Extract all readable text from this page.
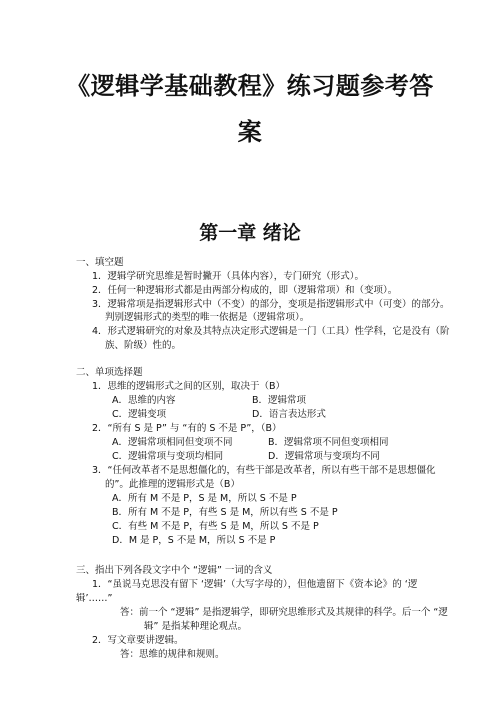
《逻辑学基础教程》练习题参考答
案
第一章 绪论
一、填空题
1．逻辑学研究思维是暂时撇开（具体内容），专门研究（形式）。
2．任何一种逻辑形式都是由两部分构成的，即（逻辑常项）和（变项）。
3．逻辑常项是指逻辑形式中（不变）的部分，变项是指逻辑形式中（可变）的部分。
判别逻辑形式的类型的唯一依据是（逻辑常项）。
4．形式逻辑研究的对象及其特点决定形式逻辑是一门（工具）性学科，它是没有（阶
族、阶级）性的。
二、单项选择题
1．思维的逻辑形式之间的区别，取决于（B）
A．思维的内容	B．逻辑常项
C．逻辑变项	D．语言表达形式
2．“所有 S 是 P” 与 “有的 S 不是 P”，（B）
A．逻辑常项相同但变项不同	B．逻辑常项不同但变项相同
C．逻辑常项与变项均相同	D．逻辑常项与变项均不同
3．“任何改革者不是思想僵化的，有些干部是改革者，所以有些干部不是思想僵化
的”。此推理的逻辑形式是（B）
A．所有 M 不是 P，S 是 M，所以 S 不是 P
B．所有 M 不是 P，有些 S 是 M，所以有些 S 不是 P
C．有些 M 不是 P，有些 S 是 M，所以 S 不是 P
D．M 是 P，S 不是 M，所以 S 不是 P
三、指出下列各段文字中个 “逻辑” 一词的含义
1．“虽说马克思没有留下 ‘逻辑’（大写字母的），但他遗留下《资本论》的 ‘逻
辑’……”
答：前一个 “逻辑” 是指逻辑学，即研究思维形式及其规律的科学。后一个 “逻
辑” 是指某种理论观点。
2．写文章要讲逻辑。
答：思维的规律和规则。
